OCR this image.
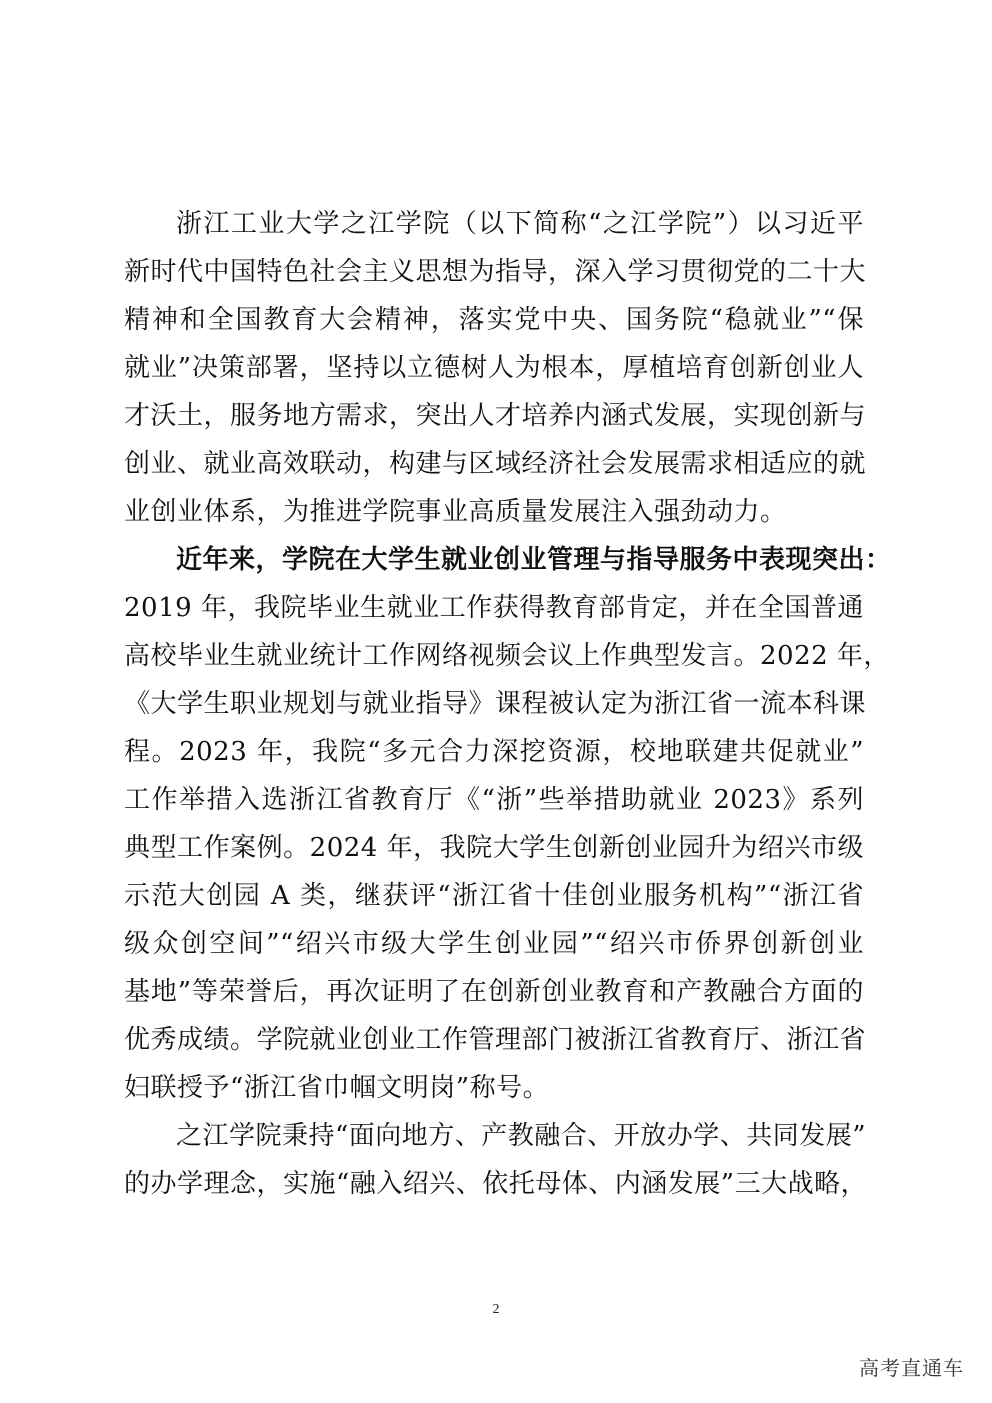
浙江工业大学之江学院（以下简称“之江学院”）以习近平
新时代中国特色社会主义思想为指导，深入学习贯彻党的二十大
精神和全国教育大会精神，落实党中央、国务院“稳就业”“保
就业”决策部署，坚持以立德树人为根本，厚植培育创新创业人
才沃土，服务地方需求，突出人才培养内涵式发展，实现创新与
创业、就业高效联动，构建与区域经济社会发展需求相适应的就
业创业体系，为推进学院事业高质量发展注入强劲动力。
近年来，学院在大学生就业创业管理与指导服务中表现突出：
2019 年，我院毕业生就业工作获得教育部肯定，并在全国普通
高校毕业生就业统计工作网络视频会议上作典型发言。2022 年，
《大学生职业规划与就业指导》课程被认定为浙江省一流本科课
程。2023 年，我院“多元合力深挖资源，校地联建共促就业”
工作举措入选浙江省教育厅《“浙”些举措助就业 2023》系列
典型工作案例。2024 年，我院大学生创新创业园升为绍兴市级
示范大创园 A 类，继获评“浙江省十佳创业服务机构”“浙江省
级众创空间”“绍兴市级大学生创业园”“绍兴市侨界创新创业
基地”等荣誉后，再次证明了在创新创业教育和产教融合方面的
优秀成绩。学院就业创业工作管理部门被浙江省教育厅、浙江省
妇联授予“浙江省巾帼文明岗”称号。
之江学院秉持“面向地方、产教融合、开放办学、共同发展”
的办学理念，实施“融入绍兴、依托母体、内涵发展”三大战略，
2
高考直通车
